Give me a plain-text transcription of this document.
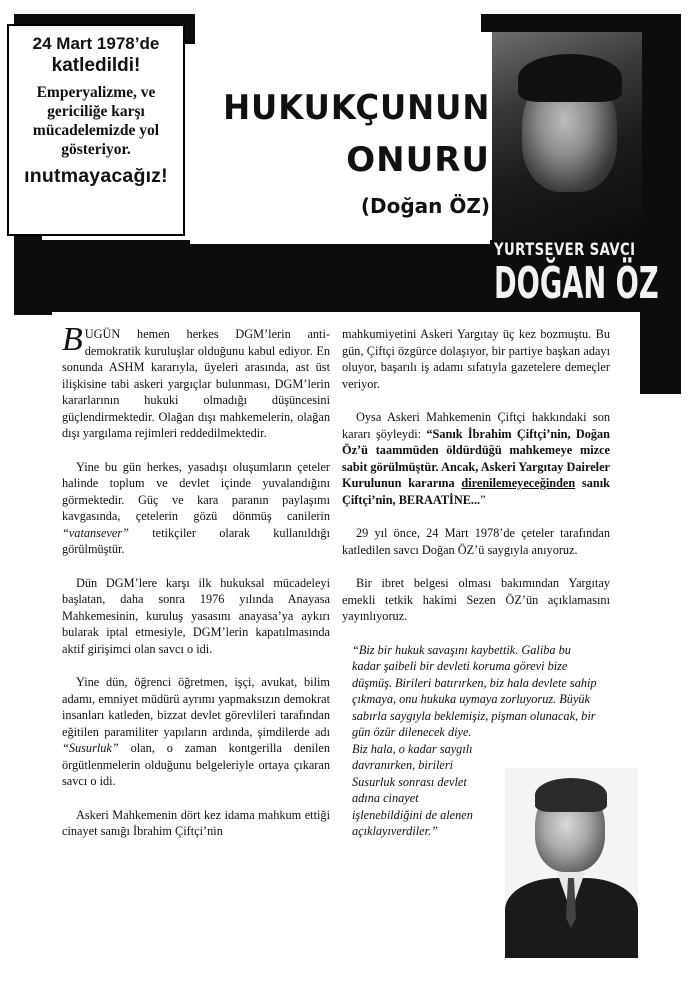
24 Mart 1978’de
katledildi!
Emperyalizme, ve gericiliğe karşı mücadelemizde yol gösteriyor.
ınutmayacağız!
HUKUKÇUNUN
ONURU
(Doğan ÖZ)
YURTSEVER SAVCI
DOĞAN ÖZ

BUGÜN hemen herkes DGM’lerin anti-demokratik kuruluşlar olduğunu kabul ediyor. En sonunda ASHM kararıyla, üyeleri arasında, ast üst ilişkisine tabi askeri yargıçlar bulunması, DGM’lerin kararlarının hukuki olmadığı düşüncesini güçlendirmektedir. Olağan dışı mahkemelerin, olağan dışı yargılama rejimleri reddedilmektedir.

Yine bu gün herkes, yasadışı oluşumların çeteler halinde toplum ve devlet içinde yuvalandığını görmektedir. Güç ve kara paranın paylaşımı kavgasında, çetelerin gözü dönmüş canilerin “vatansever” tetikçiler olarak kullanıldığı görülmüştür.

Dün DGM’lere karşı ilk hukuksal mücadeleyi başlatan, daha sonra 1976 yılında Anayasa Mahkemesinin, kuruluş yasasını anayasa’ya aykırı bularak iptal etmesiyle, DGM’lerin kapatılmasında aktif girişimci olan savcı o idi.

Yine dün, öğrenci öğretmen, işçi, avukat, bilim adamı, emniyet müdürü ayrımı yapmaksızın demokrat insanları katleden, bizzat devlet görevlileri tarafından eğitilen paramiliter yapıların ardında, şimdilerde adı “Susurluk” olan, o zaman kontgerilla denilen örgütlenmelerin olduğunu belgeleriyle ortaya çıkaran savcı o idi.

Askeri Mahkemenin dört kez idama mahkum ettiği cinayet sanığı İbrahim Çiftçi’nin

mahkumiyetini Askeri Yargıtay üç kez bozmuştu. Bu gün, Çiftçi özgürce dolaşıyor, bir partiye başkan adayı oluyor, başarılı iş adamı sıfatıyla gazetelere demeçler veriyor.

Oysa Askeri Mahkemenin Çiftçi hakkındaki son kararı şöyleydi: “Sanık İbrahim Çiftçi’nin, Doğan Öz’ü taammüden öldürdüğü mahkemeye mizce sabit görülmüştür. Ancak, Askeri Yargıtay Daireler Kurulunun kararına direnilemeyeceğinden sanık Çiftçi’nin, BERAATİNE...”

29 yıl önce, 24 Mart 1978’de çeteler tarafından katledilen savcı Doğan ÖZ’ü saygıyla anıyoruz.

Bir ibret belgesi olması bakımından Yargıtay emekli tetkik hakimi Sezen ÖZ’ün açıklamasını yayınlıyoruz.

“Biz bir hukuk savaşını kaybettik. Galiba bu
kadar şaibeli bir devleti koruma görevi bize
düşmüş. Birileri batırırken, biz hala devlete sahip
çıkmaya, onu hukuka uymaya zorluyoruz. Büyük
sabırla saygıyla beklemişiz, pişman olunacak, bir
gün özür dilenecek diye.
Biz hala, o kadar saygılı
davranırken, birileri
Susurluk sonrası devlet
adına cinayet
işlenebildiğini de alenen
açıklayıverdiler.”
